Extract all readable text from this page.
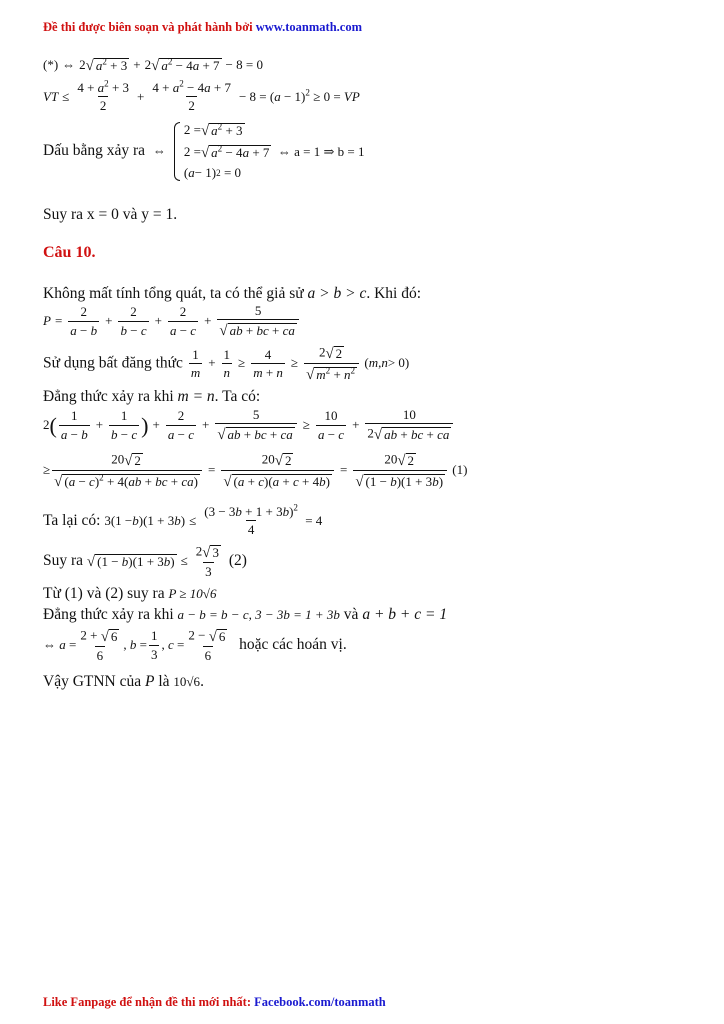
Đề thi được biên soạn và phát hành bởi www.toanmath.com
(*) ⇔ 2 √ $a^2 + 3 + 2$ √ $a^2 - 4a + 7 - 8 = 0$
VT ≤ $\frac{4 + a^2 + 3}{2} + \frac{4 + a^2 - 4a + 7}{2} - 8 = (a - 1)^2 \ge 0$ = VP
Dấu bằng xảy ra ⇔
2 = √ $a^2 + 3$
2 = √ $a^2 - 4a + 7$
⇔ a = 1 ⇒ b = 1
( a − 1) 2 = 0
Suy ra x = 0 và y = 1.
Câu 10.
Không mất tính tổng quát, ta có thể giả sử a > b > c. Khi đó:
$P = \frac{2}{a - b} + \frac{2}{b - c} + \frac{2}{a - c} + \frac{5}{√ ab + bc + ca}$
Sử dụng bất đăng thức
1
m
+ $\frac{1}{n} \ge \frac{4}{m + n} \ge \frac{2 √ 2}{√ m^2 + n^2}$ ( m , n > 0)
Đẳng thức xảy ra khi m = n. Ta có:
2 ( 1
a − b
+ $\frac{1}{b - c}$ ) + $\frac{2}{a - c} + \frac{5}{√ ab + bc + ca} \ge \frac{10}{a - c} + \frac{10}{2 √ ab + bc + ca}$
≥ $\frac{20 √ 2}{√ (a - c)^2 + 4(ab + bc + ca)} = \frac{20 √ 2}{√ (a + c)(a + c + 4b)} = \frac{20 √ 2}{√ (1 - b)(1 + 3b)}$
(1)
Ta lại có: 3(1 − b )(1 + 3 b ) ≤ $\frac{(3 - 3b + 1 + 3b)^2}{4}$
= 4
Suy ra √ $(1 - b)(1 + 3b) \le \frac{2 √ 3}{3} (2)$
Từ (1) và (2) suy ra P ≥ 10√6
Đẳng thức xảy ra khi a − b = b − c, 3 − 3b = 1 + 3b và a + b + c = 1
⇔ a =
2 + √ 6
6
, b =
1
3
, c =
2 − √ 6
6
hoặc các hoán vị.
Vậy GTNN của P là 10√6.
Like Fanpage để nhận đề thi mới nhất: Facebook.com/toanmath
